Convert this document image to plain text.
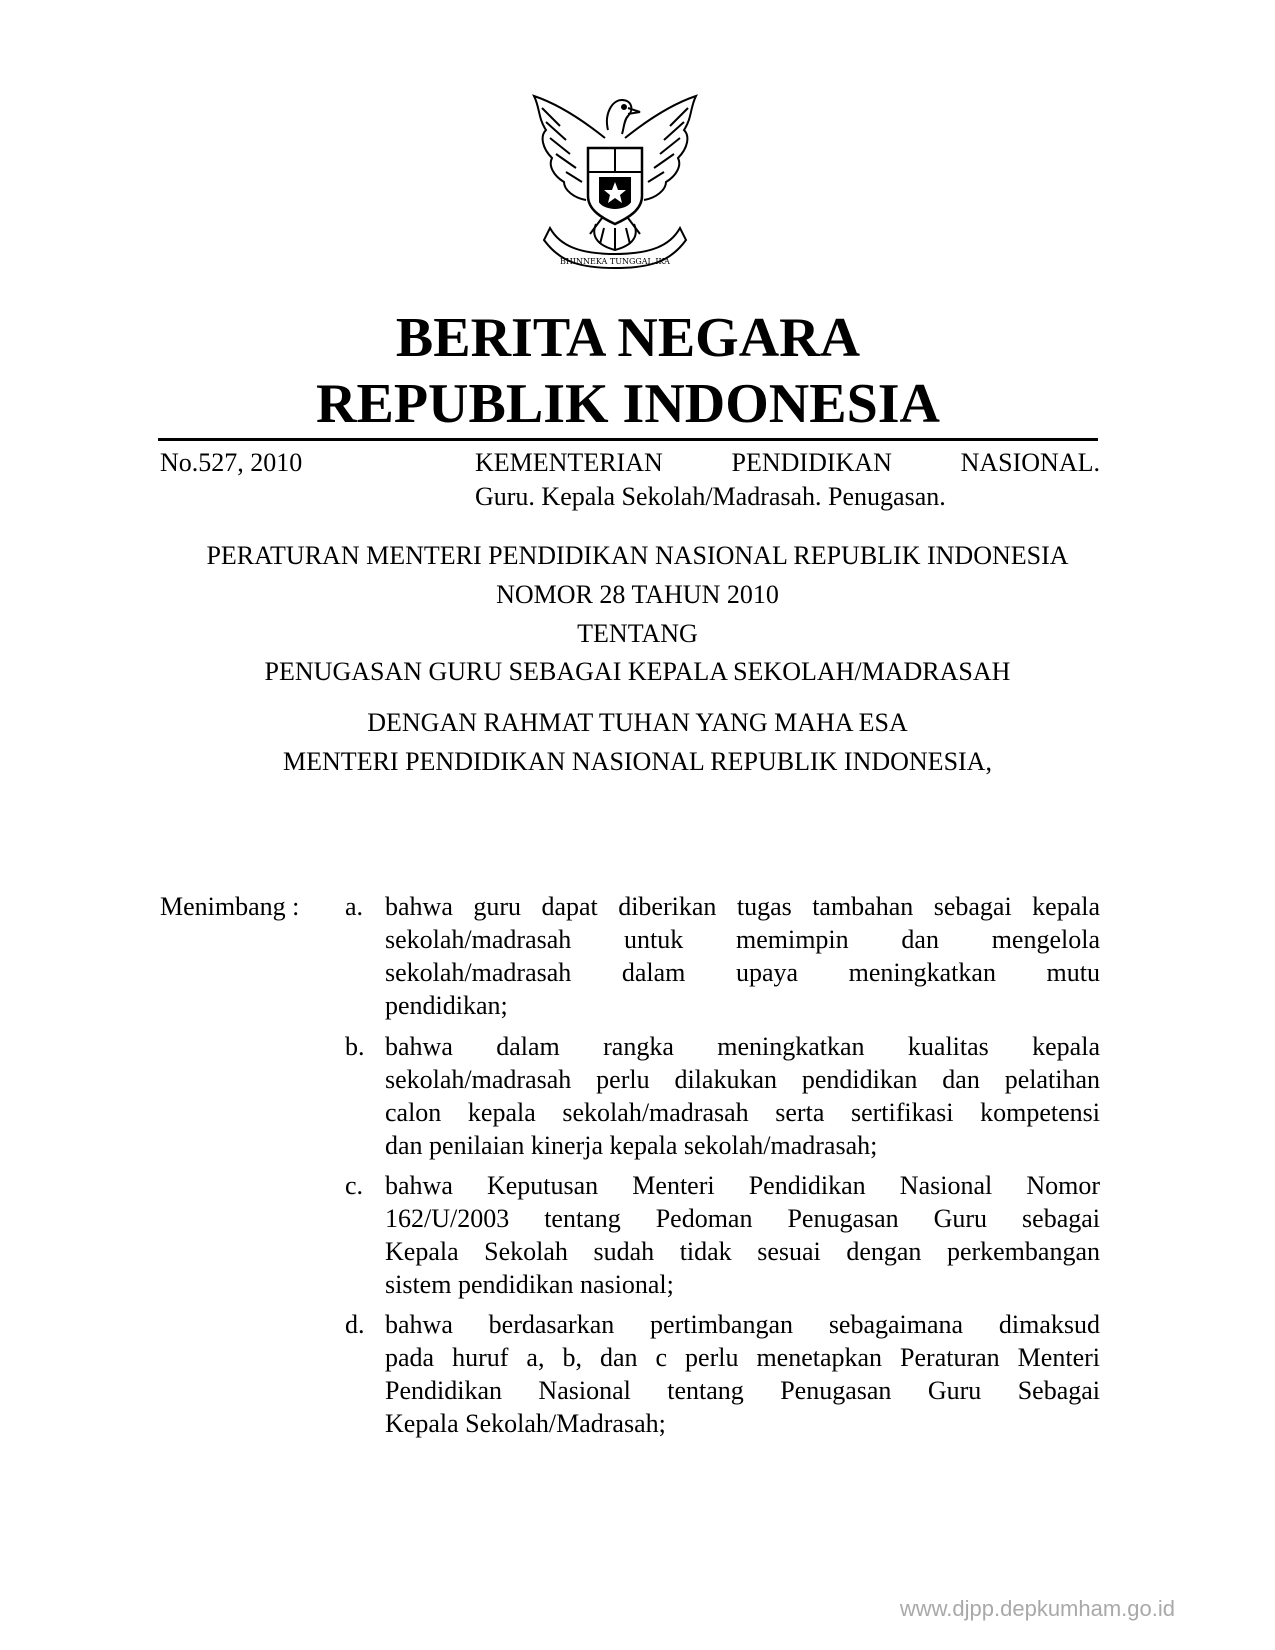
BHINNEKA TUNGGAL IKA
BERITA NEGARA
REPUBLIK INDONESIA
No.527, 2010	KEMENTERIAN PENDIDIKAN NASIONAL.
Guru. Kepala Sekolah/Madrasah. Penugasan.
PERATURAN MENTERI PENDIDIKAN NASIONAL REPUBLIK INDONESIA
NOMOR 28 TAHUN 2010
TENTANG
PENUGASAN GURU SEBAGAI KEPALA SEKOLAH/MADRASAH
DENGAN RAHMAT TUHAN YANG MAHA ESA
MENTERI PENDIDIKAN NASIONAL REPUBLIK INDONESIA,
Menimbang : a. bahwa guru dapat diberikan tugas tambahan sebagai kepala
sekolah/madrasah untuk memimpin dan mengelola
sekolah/madrasah dalam upaya meningkatkan mutu
pendidikan;
b. bahwa dalam rangka meningkatkan kualitas kepala
sekolah/madrasah perlu dilakukan pendidikan dan pelatihan
calon kepala sekolah/madrasah serta sertifikasi kompetensi
dan penilaian kinerja kepala sekolah/madrasah;
c. bahwa Keputusan Menteri Pendidikan Nasional Nomor
162/U/2003 tentang Pedoman Penugasan Guru sebagai
Kepala Sekolah sudah tidak sesuai dengan perkembangan
sistem pendidikan nasional;
d. bahwa berdasarkan pertimbangan sebagaimana dimaksud
pada huruf a, b, dan c perlu menetapkan Peraturan Menteri
Pendidikan Nasional tentang Penugasan Guru Sebagai
Kepala Sekolah/Madrasah;
www.djpp.depkumham.go.id
